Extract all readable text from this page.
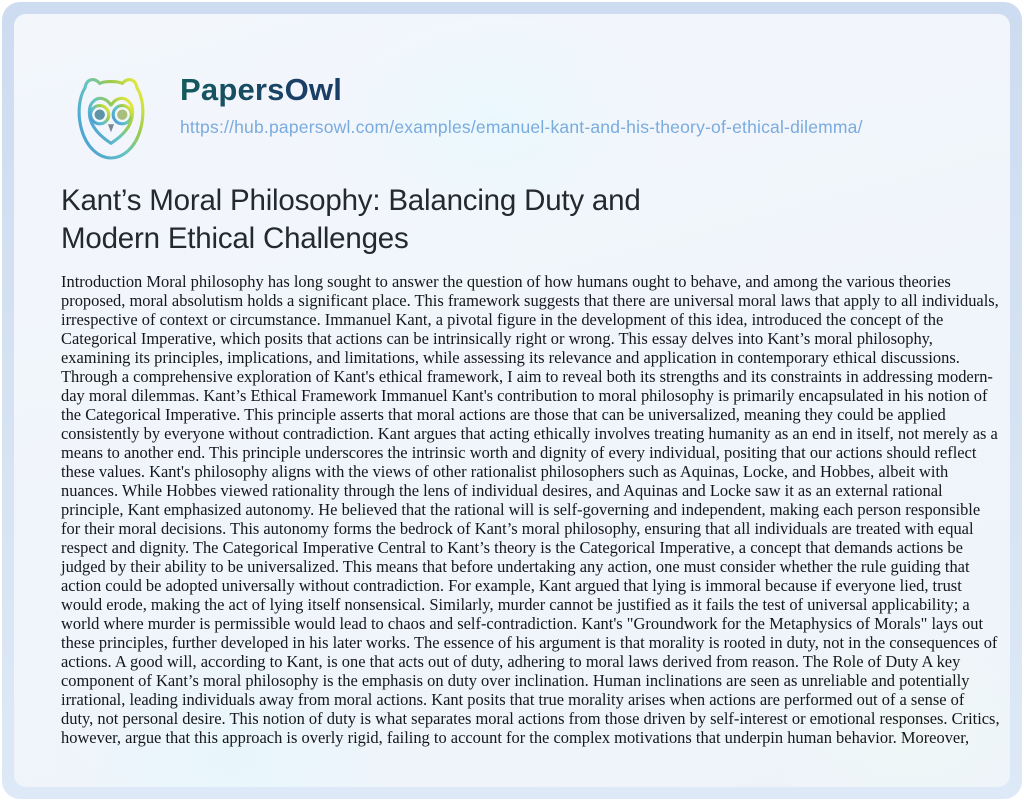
PapersOwl
https://hub.papersowl.com/examples/emanuel-kant-and-his-theory-of-ethical-dilemma/
Kant’s Moral Philosophy: Balancing Duty and
Modern Ethical Challenges
Introduction Moral philosophy has long sought to answer the question of how humans ought to behave, and among the various theories proposed, moral absolutism holds a significant place. This framework suggests that there are universal moral laws that apply to all individuals, irrespective of context or circumstance. Immanuel Kant, a pivotal figure in the development of this idea, introduced the concept of the Categorical Imperative, which posits that actions can be intrinsically right or wrong. This essay delves into Kant’s moral philosophy, examining its principles, implications, and limitations, while assessing its relevance and application in contemporary ethical discussions. Through a comprehensive exploration of Kant's ethical framework, I aim to reveal both its strengths and its constraints in addressing modern-day moral dilemmas. Kant’s Ethical Framework Immanuel Kant's contribution to moral philosophy is primarily encapsulated in his notion of the Categorical Imperative. This principle asserts that moral actions are those that can be universalized, meaning they could be applied consistently by everyone without contradiction. Kant argues that acting ethically involves treating humanity as an end in itself, not merely as a means to another end. This principle underscores the intrinsic worth and dignity of every individual, positing that our actions should reflect these values. Kant's philosophy aligns with the views of other rationalist philosophers such as Aquinas, Locke, and Hobbes, albeit with nuances. While Hobbes viewed rationality through the lens of individual desires, and Aquinas and Locke saw it as an external rational principle, Kant emphasized autonomy. He believed that the rational will is self-governing and independent, making each person responsible for their moral decisions. This autonomy forms the bedrock of Kant’s moral philosophy, ensuring that all individuals are treated with equal respect and dignity. The Categorical Imperative Central to Kant’s theory is the Categorical Imperative, a concept that demands actions be judged by their ability to be universalized. This means that before undertaking any action, one must consider whether the rule guiding that action could be adopted universally without contradiction. For example, Kant argued that lying is immoral because if everyone lied, trust would erode, making the act of lying itself nonsensical. Similarly, murder cannot be justified as it fails the test of universal applicability; a world where murder is permissible would lead to chaos and self-contradiction. Kant's "Groundwork for the Metaphysics of Morals" lays out these principles, further developed in his later works. The essence of his argument is that morality is rooted in duty, not in the consequences of actions. A good will, according to Kant, is one that acts out of duty, adhering to moral laws derived from reason. The Role of Duty A key component of Kant’s moral philosophy is the emphasis on duty over inclination. Human inclinations are seen as unreliable and potentially irrational, leading individuals away from moral actions. Kant posits that true morality arises when actions are performed out of a sense of duty, not personal desire. This notion of duty is what separates moral actions from those driven by self-interest or emotional responses. Critics, however, argue that this approach is overly rigid, failing to account for the complex motivations that underpin human behavior. Moreover,
